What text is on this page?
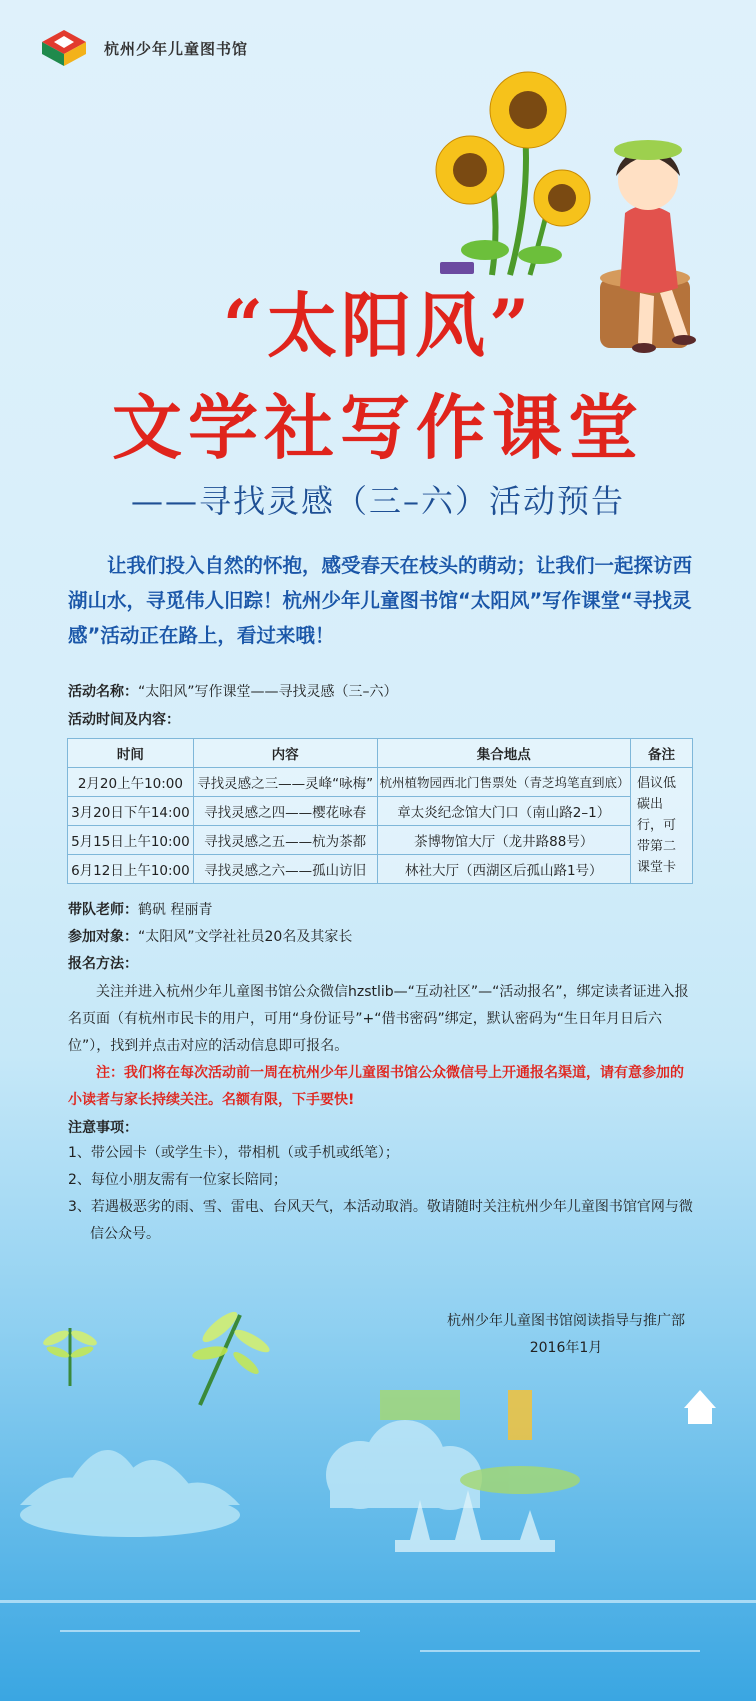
杭州少年儿童图书馆
“太阳风”
文学社写作课堂
——寻找灵感（三–六）活动预告
让我们投入自然的怀抱，感受春天在枝头的萌动；让我们一起探访西湖山水，寻觅伟人旧踪！杭州少年儿童图书馆“太阳风”写作课堂“寻找灵感”活动正在路上，看过来哦！
活动名称：“太阳风”写作课堂——寻找灵感（三–六）
活动时间及内容：
时间	内容	集合地点	备注
2月20上午10:00	寻找灵感之三——灵峰“咏梅”	杭州植物园西北门售票处（青芝坞笔直到底）	倡议低碳出行，可带第二课堂卡
3月20日下午14:00	寻找灵感之四——樱花咏春	章太炎纪念馆大门口（南山路2–1）	
5月15日上午10:00	寻找灵感之五——杭为茶都	茶博物馆大厅（龙井路88号）	
6月12日上午10:00	寻找灵感之六——孤山访旧	林社大厅（西湖区后孤山路1号）	
带队老师：鹤矾 程丽青
参加对象：“太阳风”文学社社员20名及其家长
报名方法：
关注并进入杭州少年儿童图书馆公众微信hzstlib—“互动社区”—“活动报名”，绑定读者证进入报名页面（有杭州市民卡的用户，可用“身份证号”+“借书密码”绑定，默认密码为“生日年月日后六位”），找到并点击对应的活动信息即可报名。
注：我们将在每次活动前一周在杭州少年儿童图书馆公众微信号上开通报名渠道，请有意参加的小读者与家长持续关注。名额有限，下手要快!
注意事项：
1、带公园卡（或学生卡），带相机（或手机或纸笔）；
2、每位小朋友需有一位家长陪同；
3、若遇极恶劣的雨、雪、雷电、台风天气，本活动取消。敬请随时关注杭州少年儿童图书馆官网与微信公众号。
杭州少年儿童图书馆阅读指导与推广部
2016年1月
